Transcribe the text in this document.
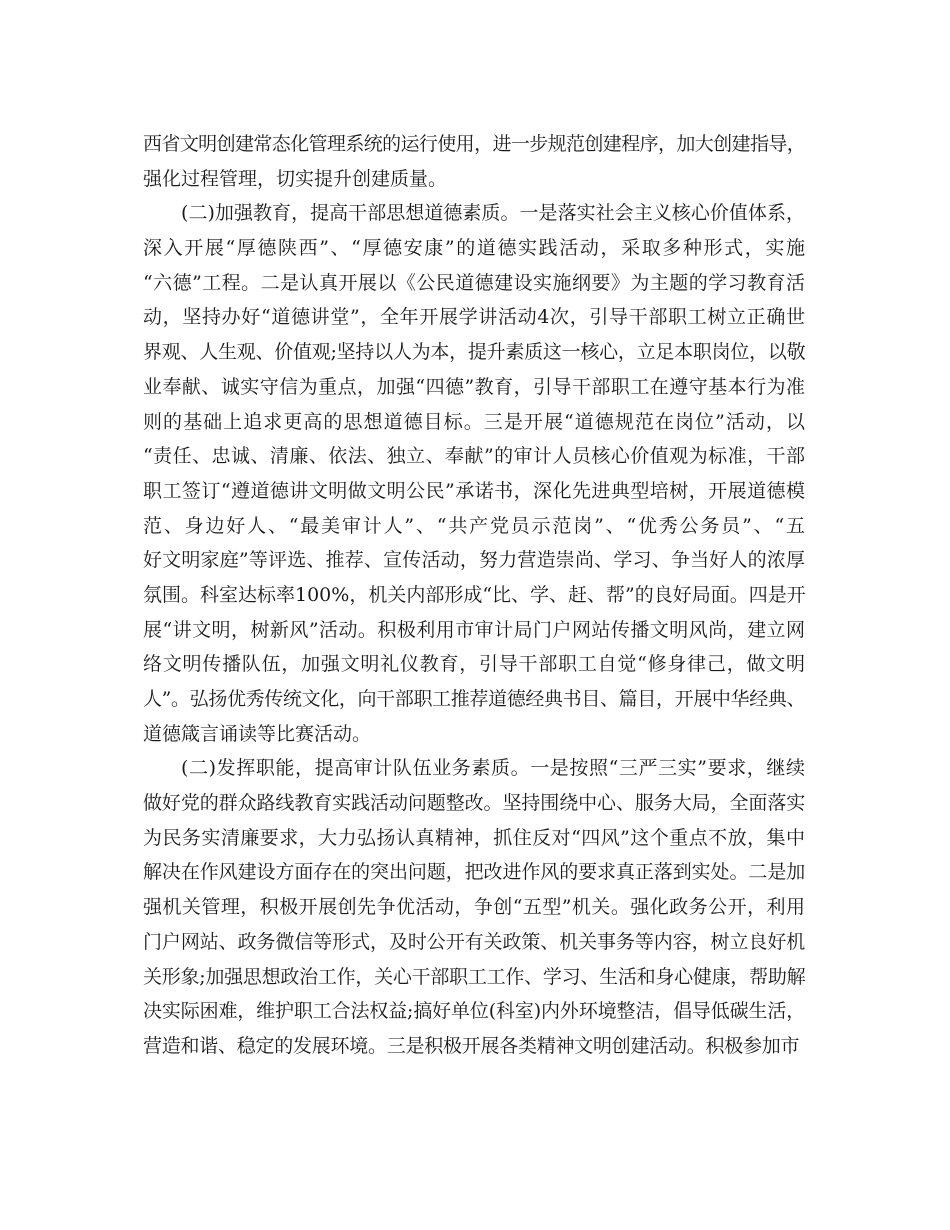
西省文明创建常态化管理系统的运行使用，进一步规范创建程序，加大创建指导，
强化过程管理，切实提升创建质量。
(二)加强教育，提高干部思想道德素质。一是落实社会主义核心价值体系，
深入开展“厚德陕西”、“厚德安康”的道德实践活动，采取多种形式，实施
“六德”工程。二是认真开展以《公民道德建设实施纲要》为主题的学习教育活
动，坚持办好“道德讲堂”，全年开展学讲活动4次，引导干部职工树立正确世
界观、人生观、价值观;坚持以人为本，提升素质这一核心，立足本职岗位，以敬
业奉献、诚实守信为重点，加强“四德”教育，引导干部职工在遵守基本行为准
则的基础上追求更高的思想道德目标。三是开展“道德规范在岗位”活动，以
“责任、忠诚、清廉、依法、独立、奉献”的审计人员核心价值观为标准，干部
职工签订“遵道德讲文明做文明公民”承诺书，深化先进典型培树，开展道德模
范、身边好人、“最美审计人”、“共产党员示范岗”、“优秀公务员”、“五
好文明家庭”等评选、推荐、宣传活动，努力营造崇尚、学习、争当好人的浓厚
氛围。科室达标率100%，机关内部形成“比、学、赶、帮”的良好局面。四是开
展“讲文明，树新风”活动。积极利用市审计局门户网站传播文明风尚，建立网
络文明传播队伍，加强文明礼仪教育，引导干部职工自觉“修身律己，做文明
人”。弘扬优秀传统文化，向干部职工推荐道德经典书目、篇目，开展中华经典、
道德箴言诵读等比赛活动。
(二)发挥职能，提高审计队伍业务素质。一是按照“三严三实”要求，继续
做好党的群众路线教育实践活动问题整改。坚持围绕中心、服务大局，全面落实
为民务实清廉要求，大力弘扬认真精神，抓住反对“四风”这个重点不放，集中
解决在作风建设方面存在的突出问题，把改进作风的要求真正落到实处。二是加
强机关管理，积极开展创先争优活动，争创“五型”机关。强化政务公开，利用
门户网站、政务微信等形式，及时公开有关政策、机关事务等内容，树立良好机
关形象;加强思想政治工作，关心干部职工工作、学习、生活和身心健康，帮助解
决实际困难，维护职工合法权益;搞好单位(科室)内外环境整洁，倡导低碳生活，
营造和谐、稳定的发展环境。三是积极开展各类精神文明创建活动。积极参加市
